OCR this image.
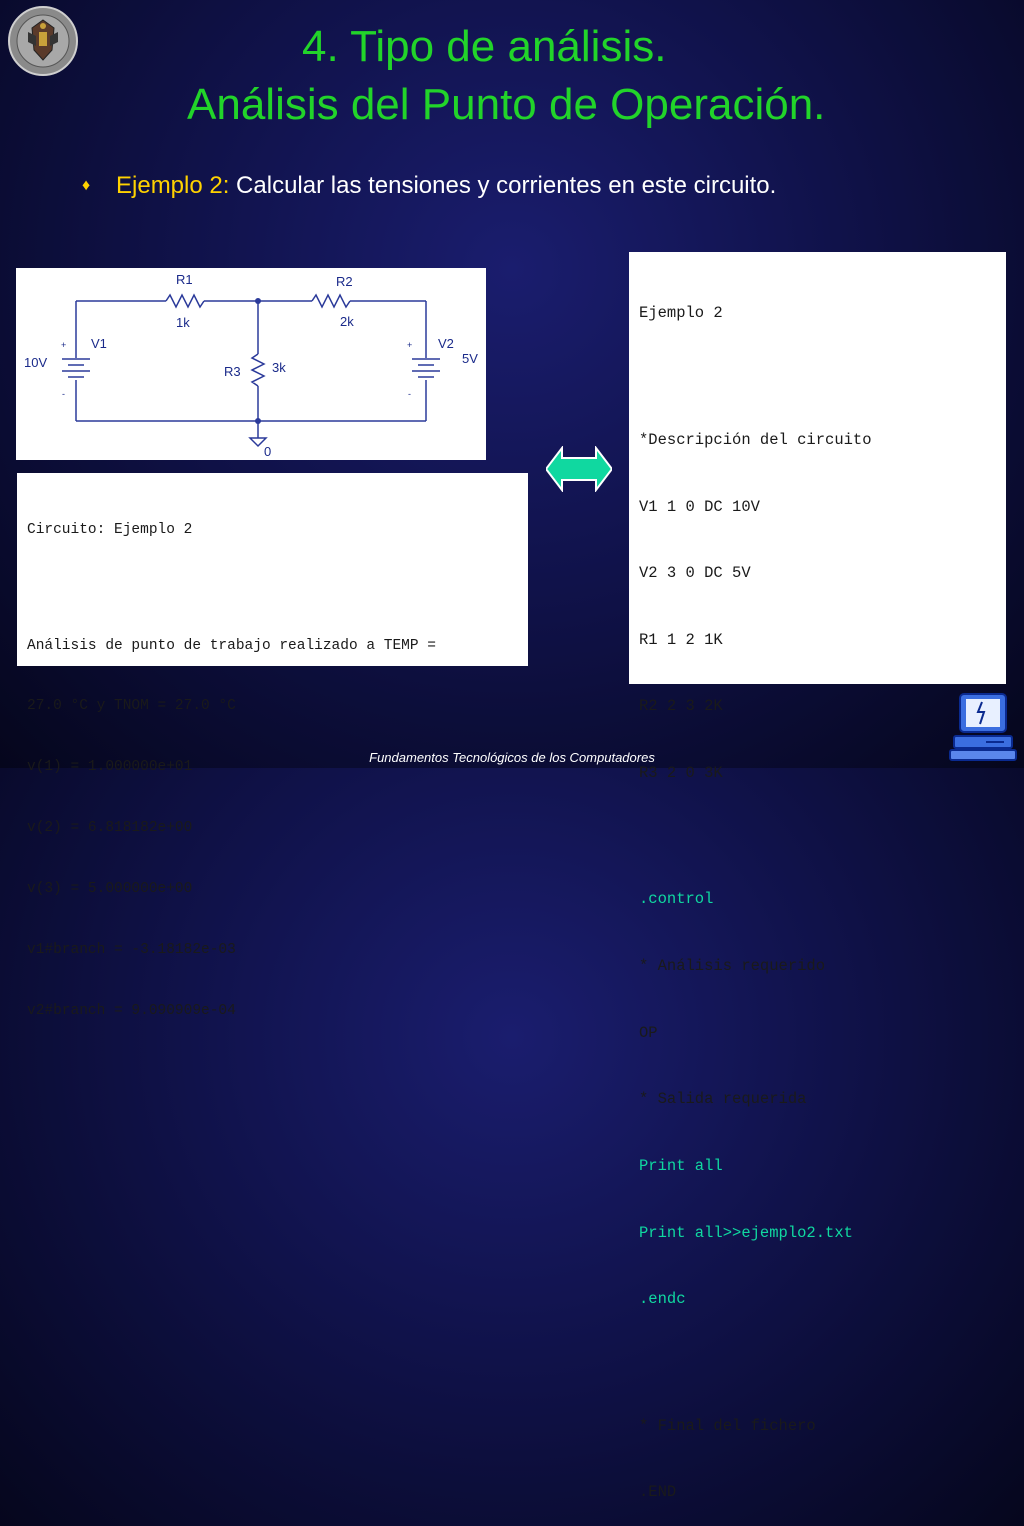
4. Tipo de análisis.
Análisis del Punto de Operación.
♦ Ejemplo 2: Calcular las tensiones y corrientes en este circuito.
R1
1k
R2
2k
R3 3k
V1
10V
V2
5V
0
+
-
+
-

Circuito: Ejemplo 2

Análisis de punto de trabajo realizado a TEMP =

27.0 °C y TNOM = 27.0 °C

v(1) = 1.000000e+01

v(2) = 6.818182e+00

v(3) = 5.000000e+00

v1#branch = -3.18182e-03

v2#branch = 9.090909e-04

Ejemplo 2

*Descripción del circuito

V1 1 0 DC 10V

V2 3 0 DC 5V

R1 1 2 1K

R2 2 3 2K

R3 2 0 3K

.control

* Análisis requerido

OP

* Salida requerida

Print all

Print all>>ejemplo2.txt

.endc

* Final del fichero

.END

Fundamentos Tecnológicos de los Computadores
